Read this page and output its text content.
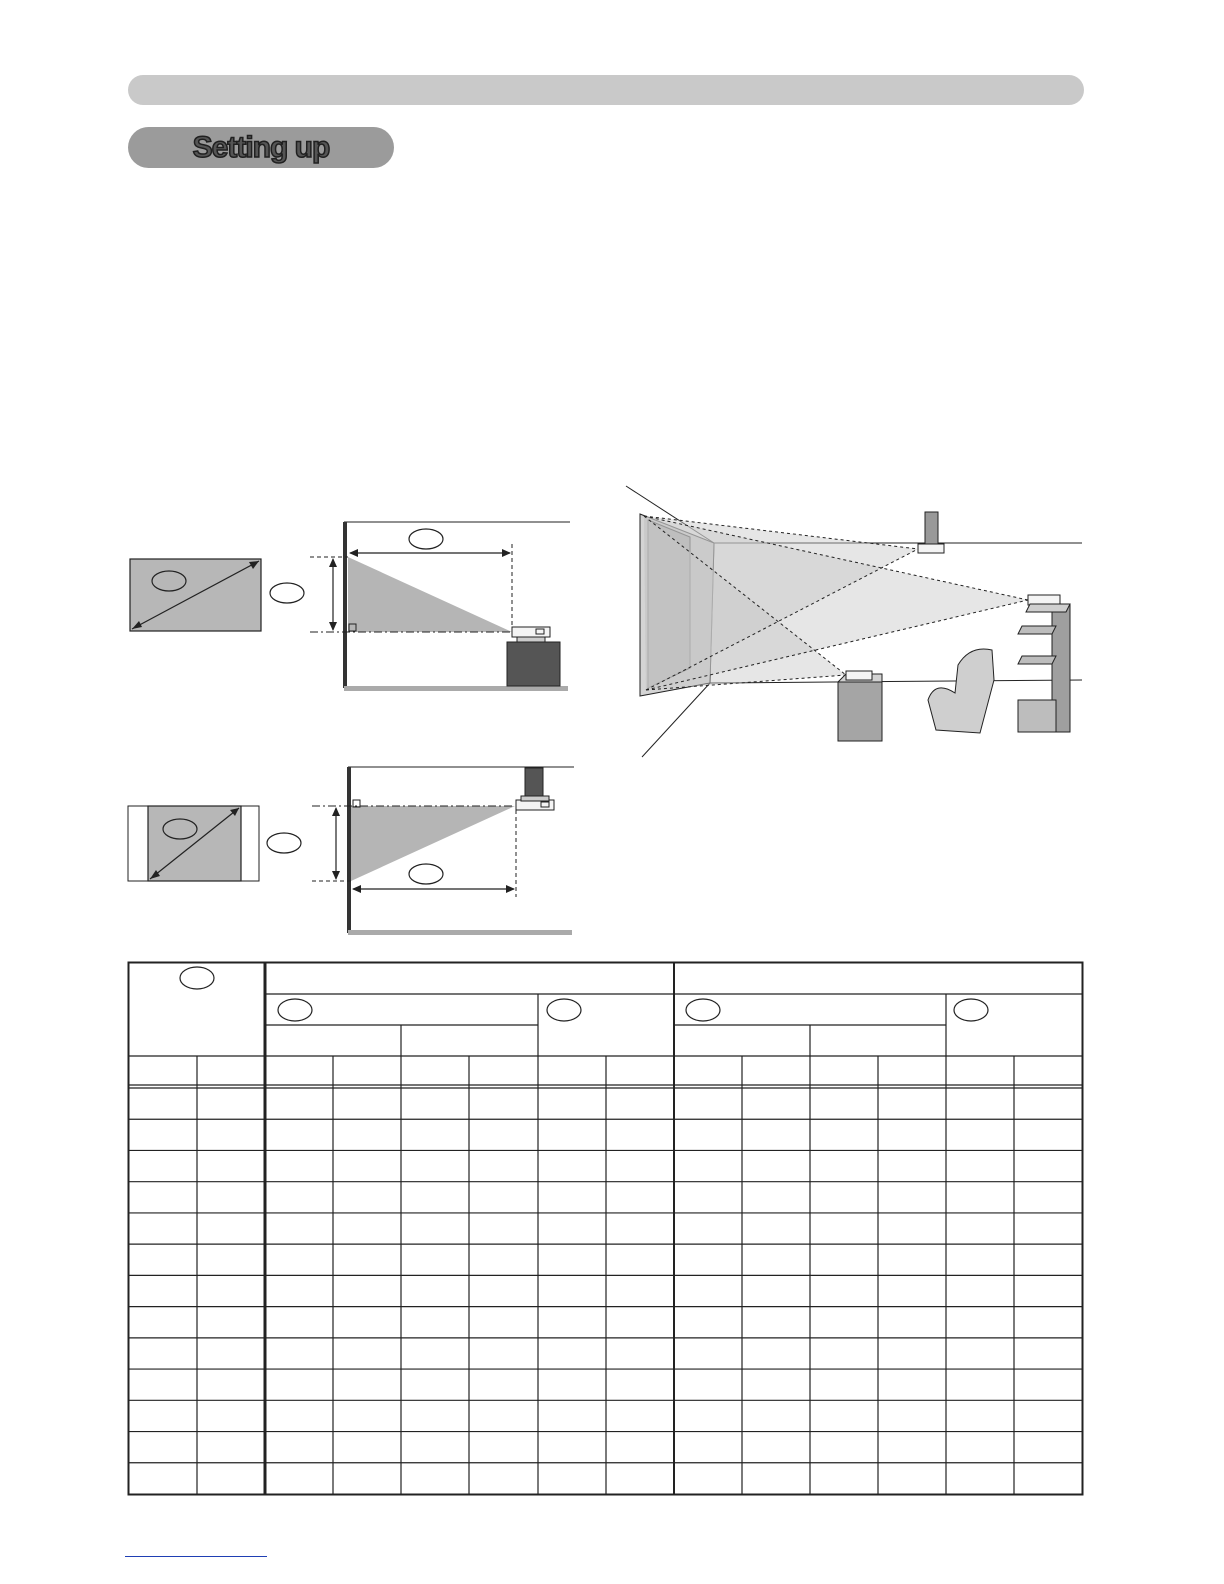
Setting up
